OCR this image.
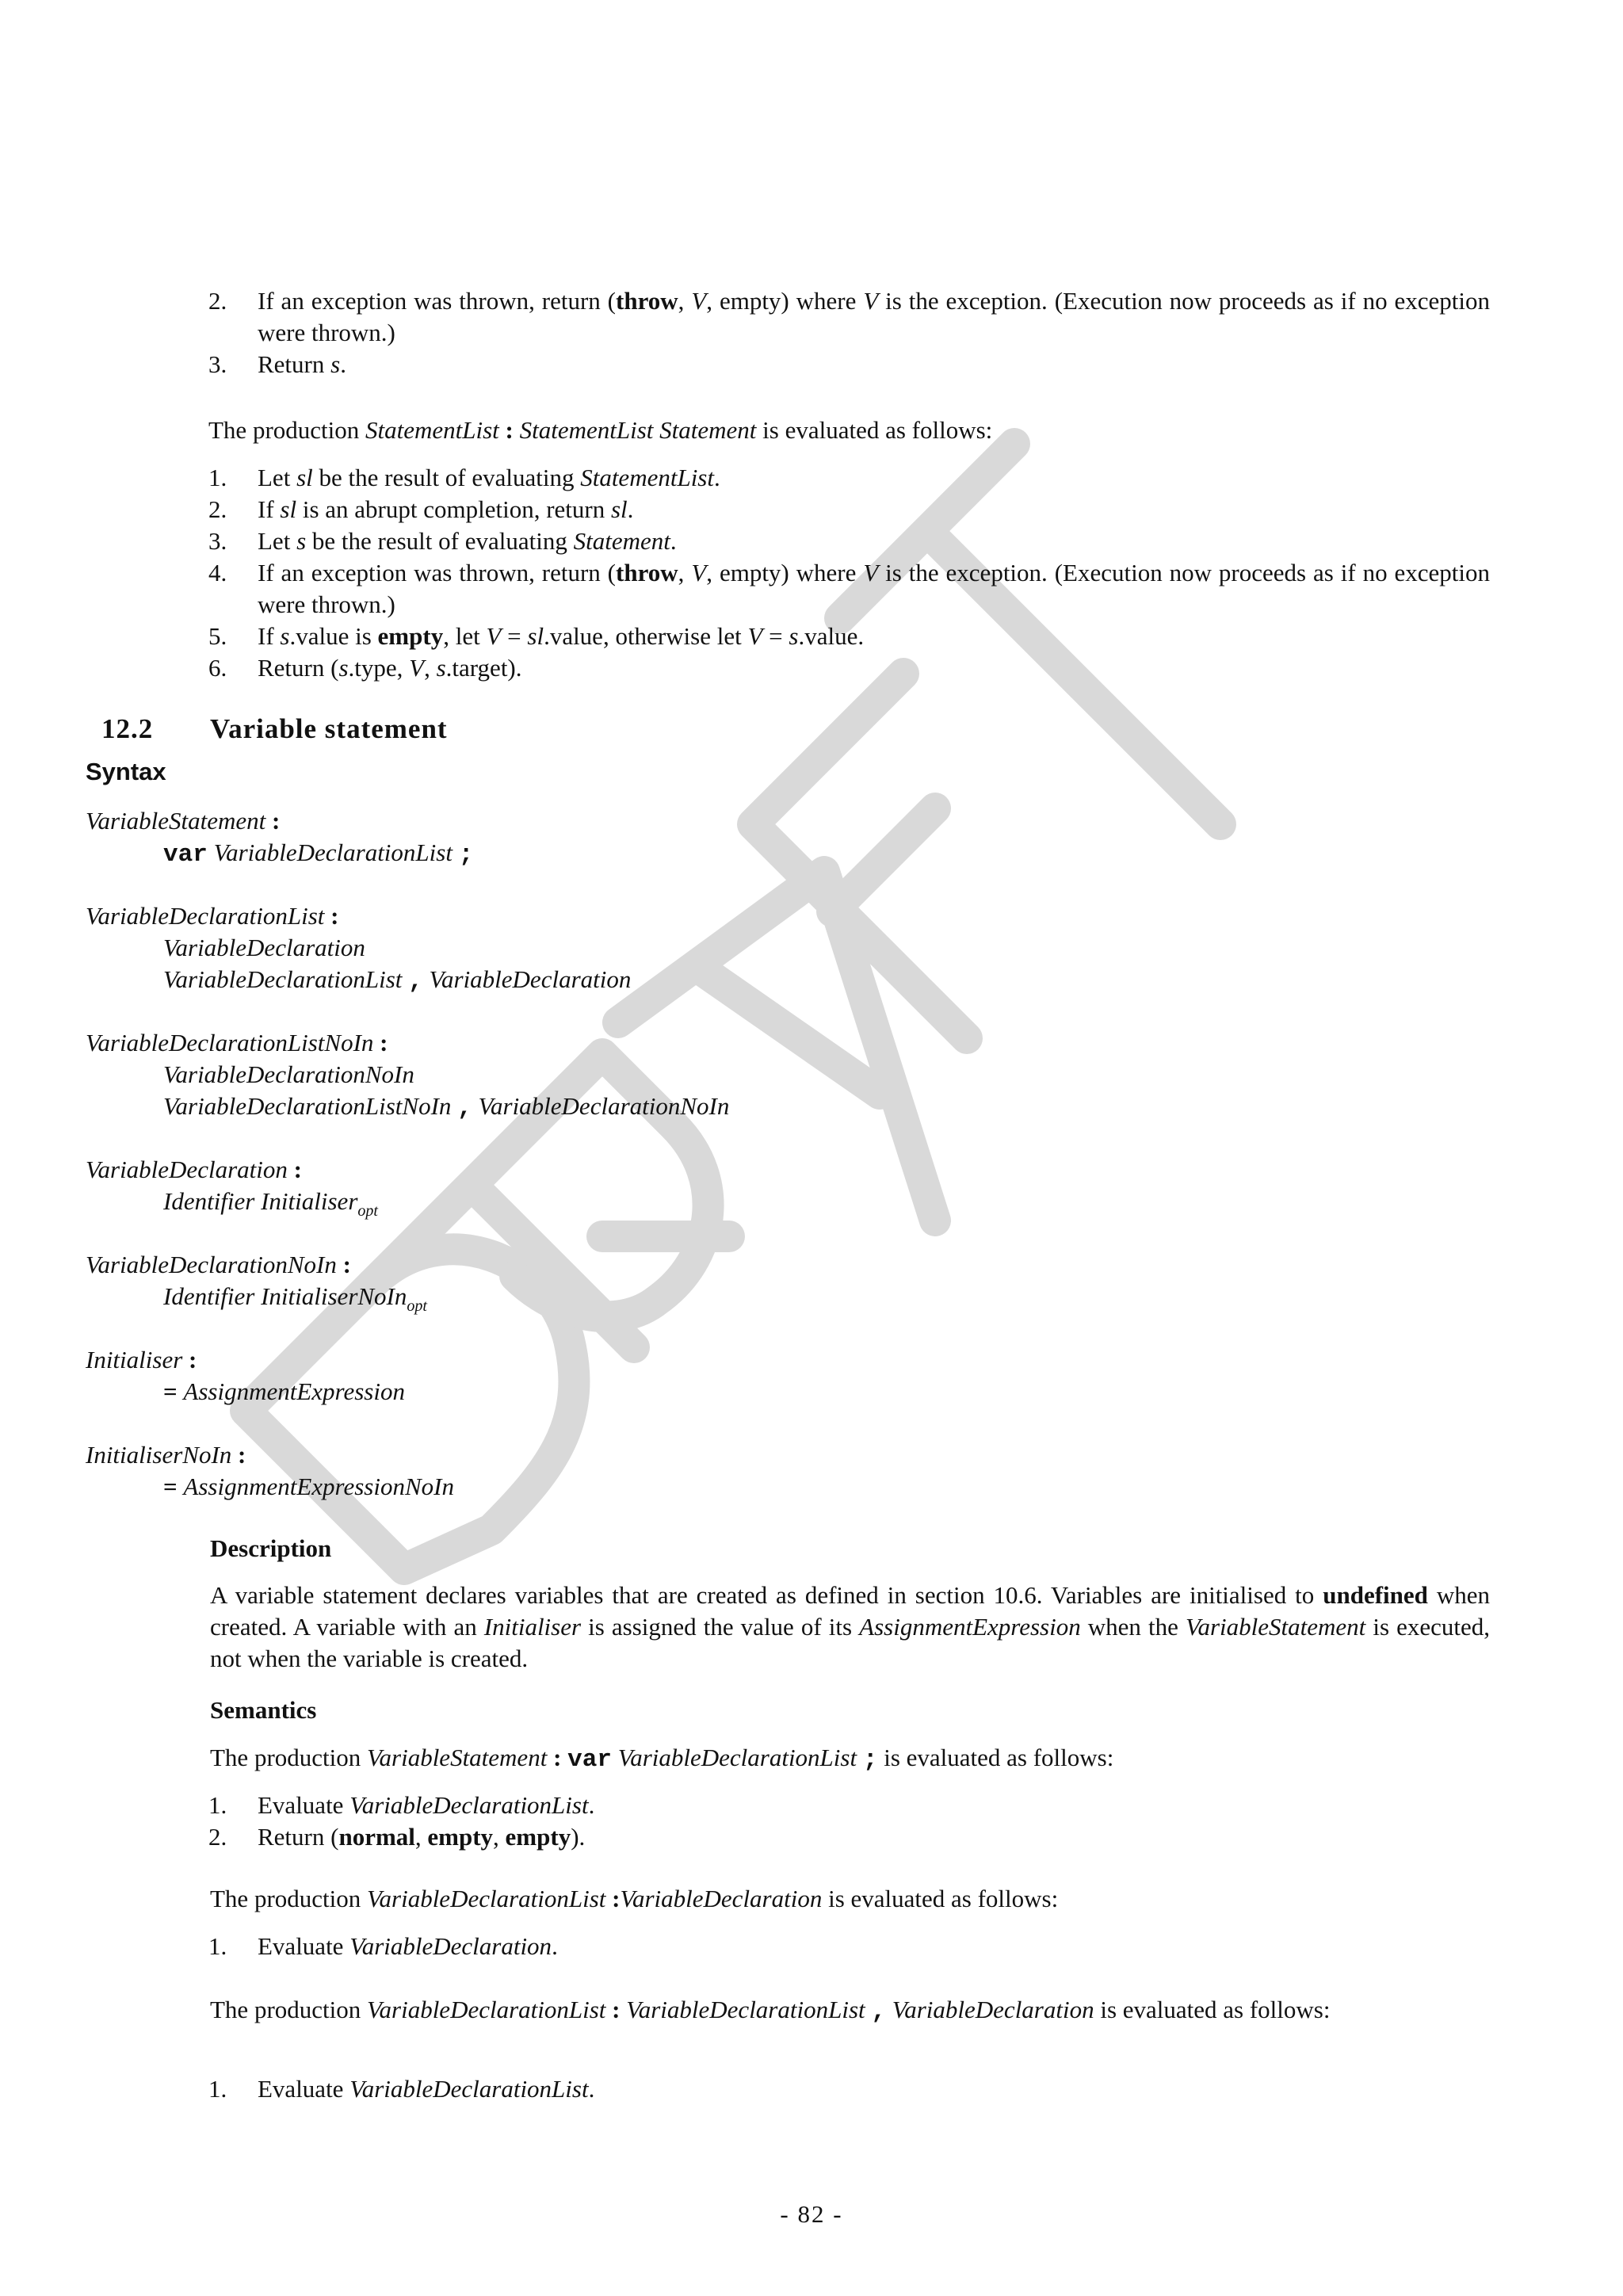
2. If an exception was thrown, return (throw, V, empty) where V is the exception. (Execution now proceeds as if no exception were thrown.)
3. Return s.
The production StatementList : StatementList Statement is evaluated as follows:
1. Let sl be the result of evaluating StatementList.
2. If sl is an abrupt completion, return sl.
3. Let s be the result of evaluating Statement.
4. If an exception was thrown, return (throw, V, empty) where V is the exception. (Execution now proceeds as if no exception were thrown.)
5. If s.value is empty, let V = sl.value, otherwise let V = s.value.
6. Return (s.type, V, s.target).
12.2 Variable statement
Syntax
VariableStatement :
var VariableDeclarationList ;
VariableDeclarationList :
VariableDeclaration
VariableDeclarationList , VariableDeclaration
VariableDeclarationListNoIn :
VariableDeclarationNoIn
VariableDeclarationListNoIn , VariableDeclarationNoIn
VariableDeclaration :
Identifier Initialiser$_{opt}$
VariableDeclarationNoIn :
Identifier InitialiserNoIn$_{opt}$
Initialiser :
= AssignmentExpression
InitialiserNoIn :
= AssignmentExpressionNoIn
Description
A variable statement declares variables that are created as defined in section 10.6. Variables are initialised to undefined when created. A variable with an Initialiser is assigned the value of its AssignmentExpression when the VariableStatement is executed, not when the variable is created.
Semantics
The production VariableStatement : var VariableDeclarationList ; is evaluated as follows:
1. Evaluate VariableDeclarationList.
2. Return (normal, empty, empty).
The production VariableDeclarationList :VariableDeclaration is evaluated as follows:
1. Evaluate VariableDeclaration.
The production VariableDeclarationList : VariableDeclarationList , VariableDeclaration is evaluated as follows:
1. Evaluate VariableDeclarationList.
- 82 -
